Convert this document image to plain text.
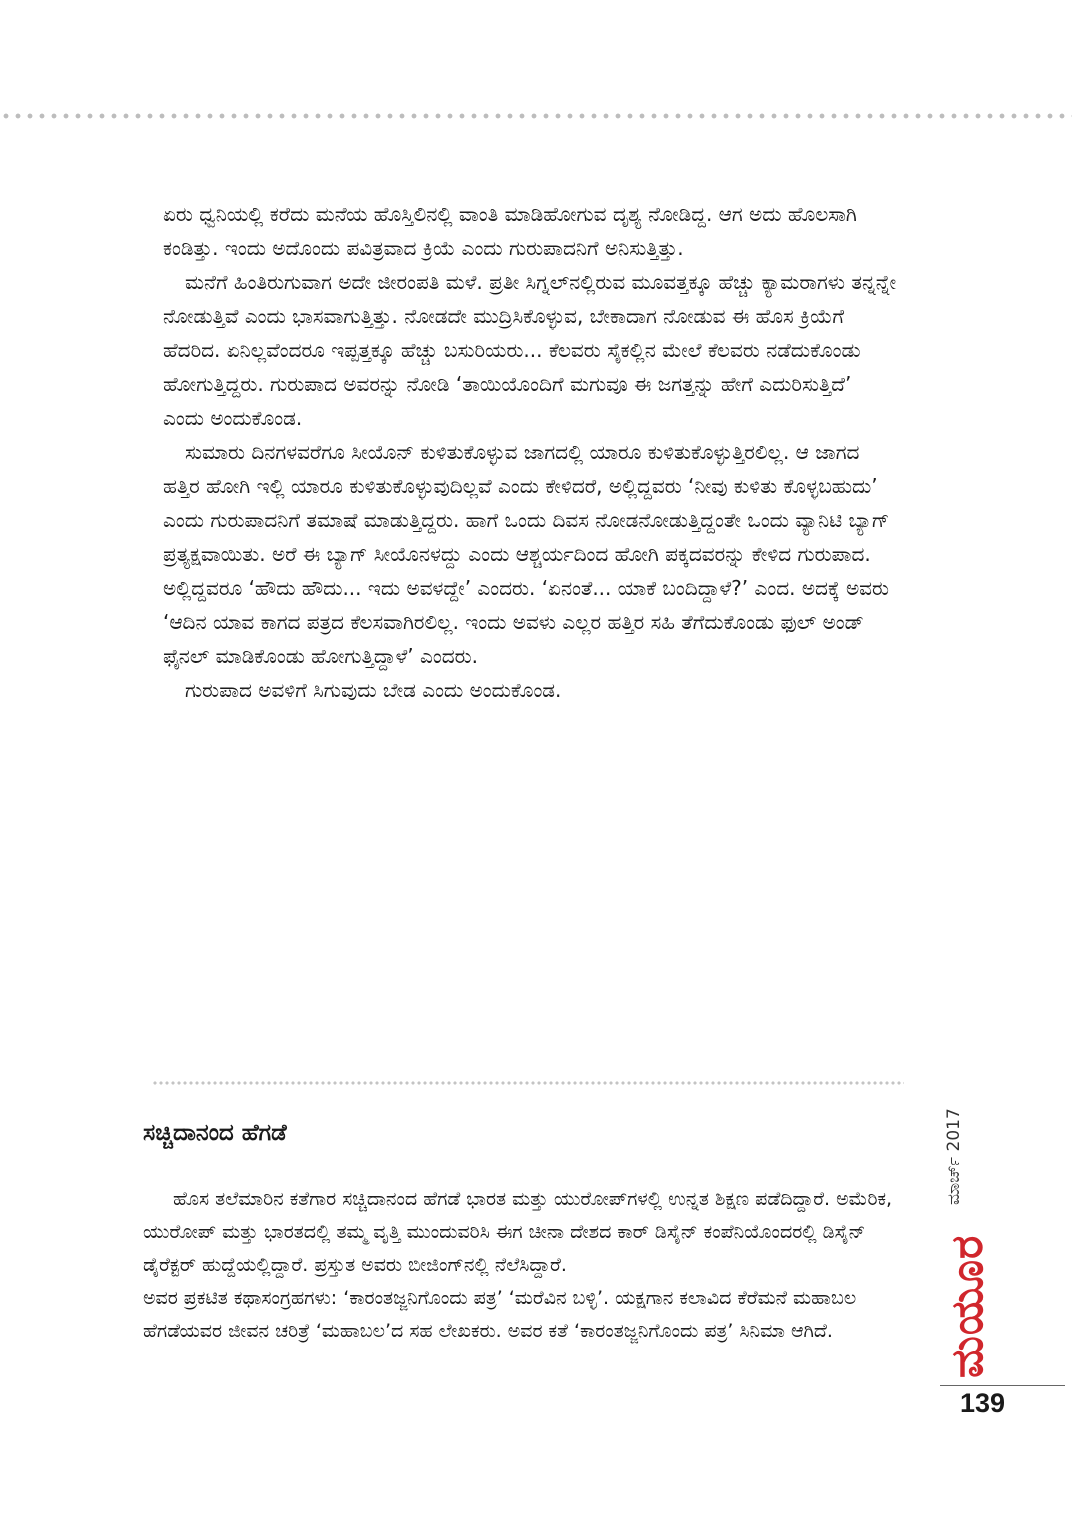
ಏರು ಧ್ವನಿಯಲ್ಲಿ ಕರೆದು ಮನೆಯ ಹೊಸ್ತಿಲಿನಲ್ಲಿ ವಾಂತಿ ಮಾಡಿಹೋಗುವ ದೃಶ್ಯ ನೋಡಿದ್ದ. ಆಗ ಅದು ಹೊಲಸಾಗಿ ಕಂಡಿತ್ತು. ಇಂದು ಅದೊಂದು ಪವಿತ್ರವಾದ ಕ್ರಿಯೆ ಎಂದು ಗುರುಪಾದನಿಗೆ ಅನಿಸುತ್ತಿತ್ತು.

ಮನೆಗೆ ಹಿಂತಿರುಗುವಾಗ ಅದೇ ಜೀರಂಪತಿ ಮಳೆ. ಪ್ರತೀ ಸಿಗ್ನಲ್‌ನಲ್ಲಿರುವ ಮೂವತ್ತಕ್ಕೂ ಹೆಚ್ಚು ಕ್ಯಾಮರಾಗಳು ತನ್ನನ್ನೇ ನೋಡುತ್ತಿವೆ ಎಂದು ಭಾಸವಾಗುತ್ತಿತ್ತು. ನೋಡದೇ ಮುದ್ರಿಸಿಕೊಳ್ಳುವ, ಬೇಕಾದಾಗ ನೋಡುವ ಈ ಹೊಸ ಕ್ರಿಯೆಗೆ ಹೆದರಿದ. ಏನಿಲ್ಲವೆಂದರೂ ಇಪ್ಪತ್ತಕ್ಕೂ ಹೆಚ್ಚು ಬಸುರಿಯರು... ಕೆಲವರು ಸೈಕಲ್ಲಿನ ಮೇಲೆ ಕೆಲವರು ನಡೆದುಕೊಂಡು ಹೋಗುತ್ತಿದ್ದರು. ಗುರುಪಾದ ಅವರನ್ನು ನೋಡಿ ‘ತಾಯಿಯೊಂದಿಗೆ ಮಗುವೂ ಈ ಜಗತ್ತನ್ನು ಹೇಗೆ ಎದುರಿಸುತ್ತಿದೆ’ ಎಂದು ಅಂದುಕೊಂಡ.

ಸುಮಾರು ದಿನಗಳವರೆಗೂ ಸೀಯೊನ್ ಕುಳಿತುಕೊಳ್ಳುವ ಜಾಗದಲ್ಲಿ ಯಾರೂ ಕುಳಿತುಕೊಳ್ಳುತ್ತಿರಲಿಲ್ಲ. ಆ ಜಾಗದ ಹತ್ತಿರ ಹೋಗಿ ಇಲ್ಲಿ ಯಾರೂ ಕುಳಿತುಕೊಳ್ಳುವುದಿಲ್ಲವೆ ಎಂದು ಕೇಳಿದರೆ, ಅಲ್ಲಿದ್ದವರು ‘ನೀವು ಕುಳಿತು ಕೊಳ್ಳಬಹುದು’ ಎಂದು ಗುರುಪಾದನಿಗೆ ತಮಾಷೆ ಮಾಡುತ್ತಿದ್ದರು. ಹಾಗೆ ಒಂದು ದಿವಸ ನೋಡನೋಡುತ್ತಿದ್ದಂತೇ ಒಂದು ವ್ಯಾನಿಟಿ ಬ್ಯಾಗ್ ಪ್ರತ್ಯಕ್ಷವಾಯಿತು. ಅರೆ ಈ ಬ್ಯಾಗ್ ಸೀಯೊನಳದ್ದು ಎಂದು ಆಶ್ಚರ್ಯದಿಂದ ಹೋಗಿ ಪಕ್ಕದವರನ್ನು ಕೇಳಿದ ಗುರುಪಾದ. ಅಲ್ಲಿದ್ದವರೂ ‘ಹೌದು ಹೌದು... ಇದು ಅವಳದ್ದೇ’ ಎಂದರು. ‘ಏನಂತೆ... ಯಾಕೆ ಬಂದಿದ್ದಾಳೆ?’ ಎಂದ. ಅದಕ್ಕೆ ಅವರು ‘ಆದಿನ ಯಾವ ಕಾಗದ ಪತ್ರದ ಕೆಲಸವಾಗಿರಲಿಲ್ಲ. ಇಂದು ಅವಳು ಎಲ್ಲರ ಹತ್ತಿರ ಸಹಿ ತೆಗೆದುಕೊಂಡು ಫುಲ್ ಅಂಡ್ ಫೈನಲ್ ಮಾಡಿಕೊಂಡು ಹೋಗುತ್ತಿದ್ದಾಳೆ’ ಎಂದರು.

ಗುರುಪಾದ ಅವಳಿಗೆ ಸಿಗುವುದು ಬೇಡ ಎಂದು ಅಂದುಕೊಂಡ.

ಸಚ್ಚಿದಾನಂದ ಹೆಗಡೆ

ಹೊಸ ತಲೆಮಾರಿನ ಕತೆಗಾರ ಸಚ್ಚಿದಾನಂದ ಹೆಗಡೆ ಭಾರತ ಮತ್ತು ಯುರೋಪ್‌ಗಳಲ್ಲಿ ಉನ್ನತ ಶಿಕ್ಷಣ ಪಡೆದಿದ್ದಾರೆ. ಅಮೆರಿಕ, ಯುರೋಪ್ ಮತ್ತು ಭಾರತದಲ್ಲಿ ತಮ್ಮ ವೃತ್ತಿ ಮುಂದುವರಿಸಿ ಈಗ ಚೀನಾ ದೇಶದ ಕಾರ್ ಡಿಸೈನ್ ಕಂಪೆನಿಯೊಂದರಲ್ಲಿ ಡಿಸೈನ್ ಡೈರೆಕ್ಟರ್ ಹುದ್ದೆಯಲ್ಲಿದ್ದಾರೆ. ಪ್ರಸ್ತುತ ಅವರು ಬೀಜಿಂಗ್‌ನಲ್ಲಿ ನೆಲೆಸಿದ್ದಾರೆ.

ಅವರ ಪ್ರಕಟಿತ ಕಥಾಸಂಗ್ರಹಗಳು: ‘ಕಾರಂತಜ್ಜನಿಗೊಂದು ಪತ್ರ’ ‘ಮರೆವಿನ ಬಳ್ಳಿ’. ಯಕ್ಷಗಾನ ಕಲಾವಿದ ಕೆರೆಮನೆ ಮಹಾಬಲ ಹೆಗಡೆಯವರ ಜೀವನ ಚರಿತ್ರೆ ‘ಮಹಾಬಲ’ದ ಸಹ ಲೇಖಕರು. ಅವರ ಕತೆ ‘ಕಾರಂತಜ್ಜನಿಗೊಂದು ಪತ್ರ’ ಸಿನಿಮಾ ಆಗಿದೆ.

ಮಾರ್ಚ್ 2017
ಮಯೂರ
139
